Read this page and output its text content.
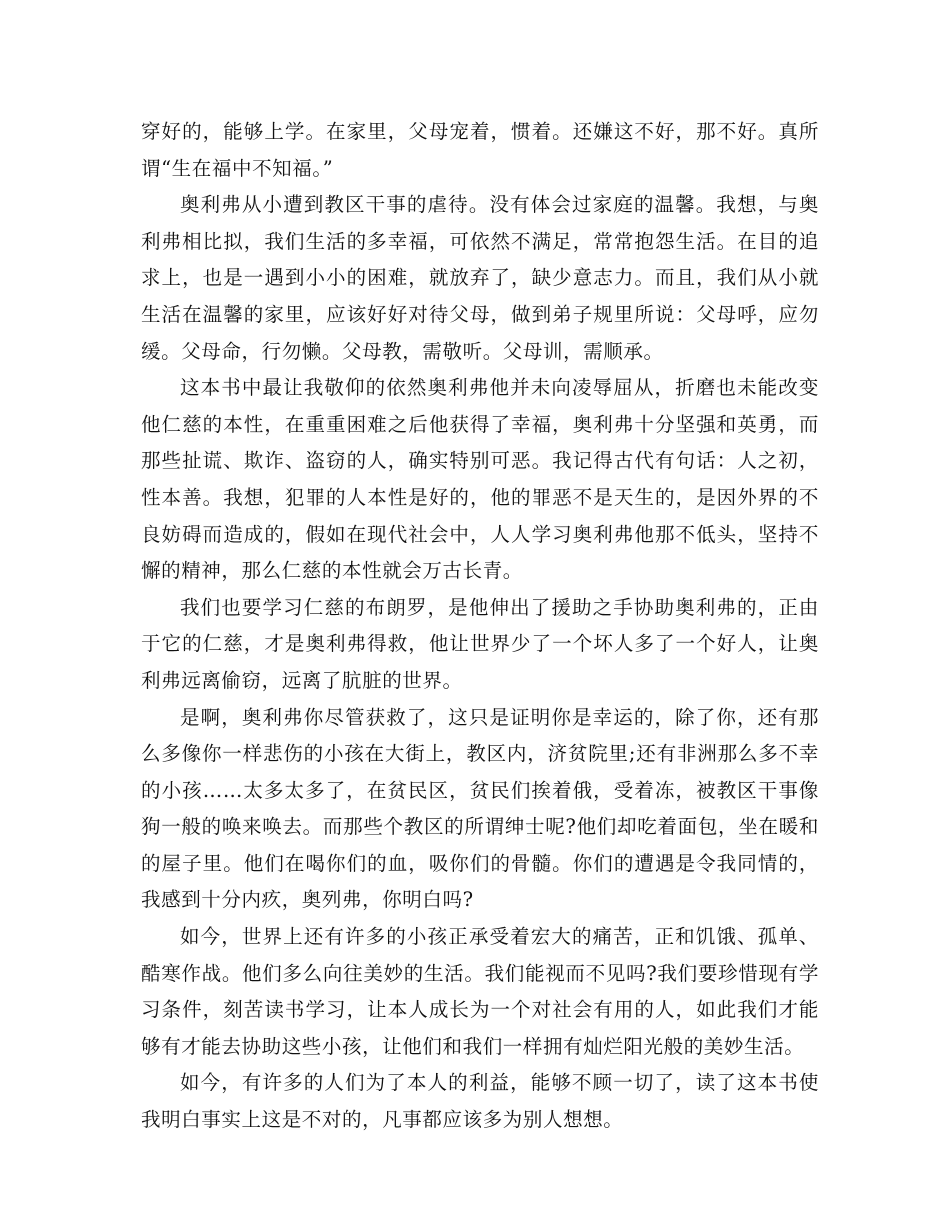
穿好的，能够上学。在家里，父母宠着，惯着。还嫌这不好，那不好。真所谓“生在福中不知福。”

奥利弗从小遭到教区干事的虐待。没有体会过家庭的温馨。我想，与奥利弗相比拟，我们生活的多幸福，可依然不满足，常常抱怨生活。在目的追求上，也是一遇到小小的困难，就放弃了，缺少意志力。而且，我们从小就生活在温馨的家里，应该好好对待父母，做到弟子规里所说：父母呼，应勿缓。父母命，行勿懒。父母教，需敬听。父母训，需顺承。

这本书中最让我敬仰的依然奥利弗他并未向凌辱屈从，折磨也未能改变他仁慈的本性，在重重困难之后他获得了幸福，奥利弗十分坚强和英勇，而那些扯谎、欺诈、盗窃的人，确实特别可恶。我记得古代有句话：人之初，性本善。我想，犯罪的人本性是好的，他的罪恶不是天生的，是因外界的不良妨碍而造成的，假如在现代社会中，人人学习奥利弗他那不低头，坚持不懈的精神，那么仁慈的本性就会万古长青。

我们也要学习仁慈的布朗罗，是他伸出了援助之手协助奥利弗的，正由于它的仁慈，才是奥利弗得救，他让世界少了一个坏人多了一个好人，让奥利弗远离偷窃，远离了肮脏的世界。

是啊，奥利弗你尽管获救了，这只是证明你是幸运的，除了你，还有那么多像你一样悲伤的小孩在大街上，教区内，济贫院里;还有非洲那么多不幸的小孩……太多太多了，在贫民区，贫民们挨着俄，受着冻，被教区干事像狗一般的唤来唤去。而那些个教区的所谓绅士呢?他们却吃着面包，坐在暖和的屋子里。他们在喝你们的血，吸你们的骨髓。你们的遭遇是令我同情的，我感到十分内疚，奥列弗，你明白吗?

如今，世界上还有许多的小孩正承受着宏大的痛苦，正和饥饿、孤单、酷寒作战。他们多么向往美妙的生活。我们能视而不见吗?我们要珍惜现有学习条件，刻苦读书学习，让本人成长为一个对社会有用的人，如此我们才能够有才能去协助这些小孩，让他们和我们一样拥有灿烂阳光般的美妙生活。

如今，有许多的人们为了本人的利益，能够不顾一切了，读了这本书使我明白事实上这是不对的，凡事都应该多为别人想想。
